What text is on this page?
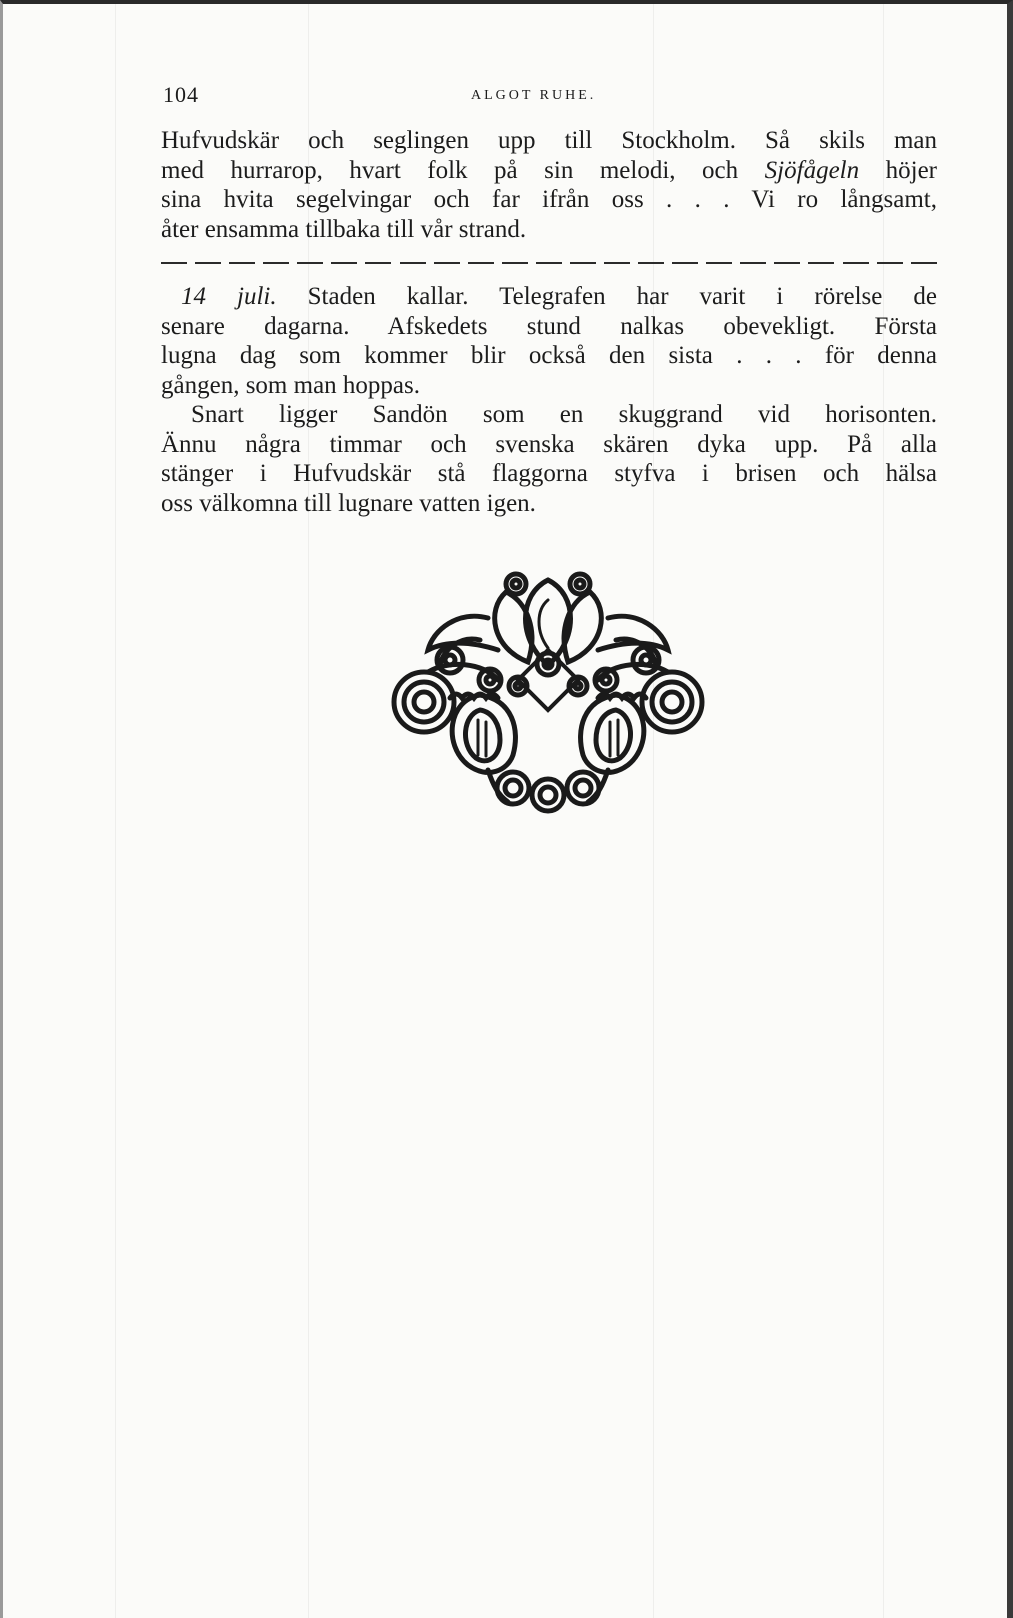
104	ALGOT RUHE.
Hufvudskär och seglingen upp till Stockholm. Så skils man
med hurrarop, hvart folk på sin melodi, och Sjöfågeln höjer
sina hvita segelvingar och far ifrån oss . . . Vi ro långsamt,
åter ensamma tillbaka till vår strand.
14 juli. Staden kallar. Telegrafen har varit i rörelse de
senare dagarna. Afskedets stund nalkas obevekligt. Första
lugna dag som kommer blir också den sista . . . för denna
gången, som man hoppas.
Snart ligger Sandön som en skuggrand vid horisonten.
Ännu några timmar och svenska skären dyka upp. På alla
stänger i Hufvudskär stå flaggorna styfva i brisen och hälsa
oss välkomna till lugnare vatten igen.
